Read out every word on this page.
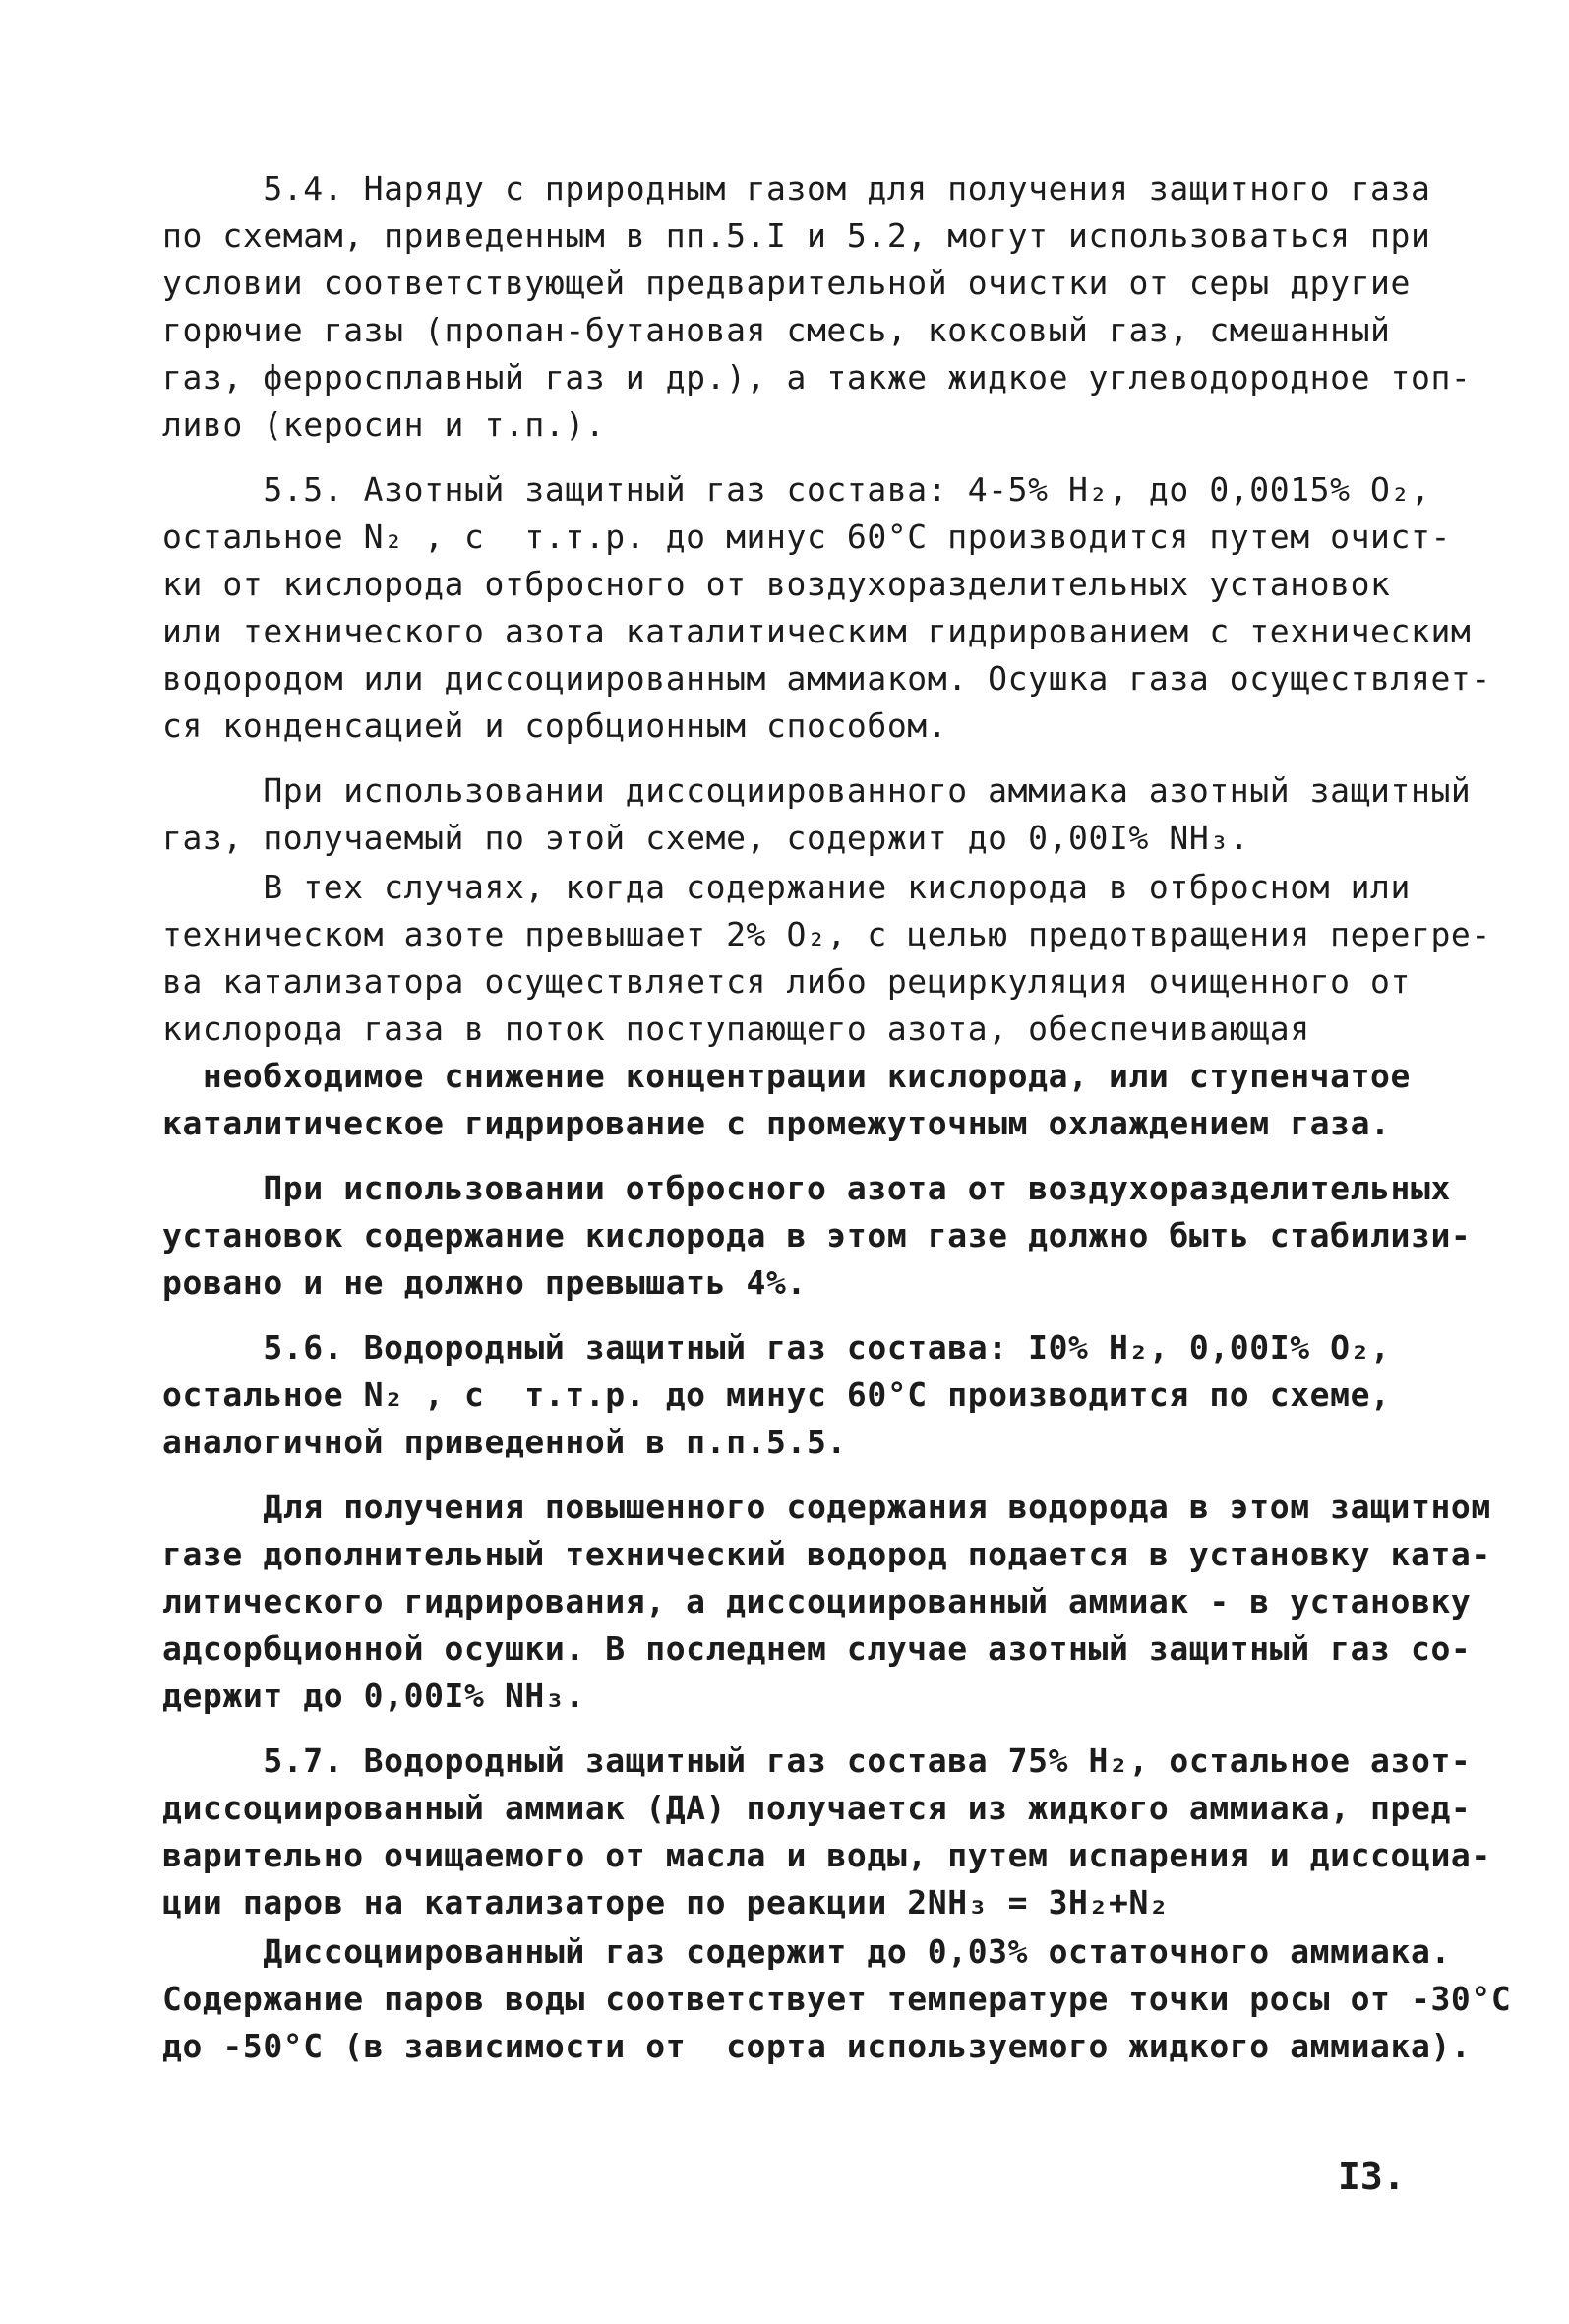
5.4. Наряду с природным газом для получения защитного газа
по схемам, приведенным в пп.5.I и 5.2, могут использоваться при
условии соответствующей предварительной очистки от серы другие
горючие газы (пропан-бутановая смесь, коксовый газ, смешанный
газ, ферросплавный газ и др.), а также жидкое углеводородное топ-
ливо (керосин и т.п.).

5.5. Азотный защитный газ состава: 4-5% H₂, до 0,0015% O₂,
остальное N₂ , с  т.т.р. до минус 60°С производится путем очист-
ки от кислорода отбросного от воздухоразделительных установок
или технического азота каталитическим гидрированием с техническим
водородом или диссоциированным аммиаком. Осушка газа осуществляет-
ся конденсацией и сорбционным способом.

При использовании диссоциированного аммиака азотный защитный
газ, получаемый по этой схеме, содержит до 0,00I% NH₃.

В тех случаях, когда содержание кислорода в отбросном или
техническом азоте превышает 2% O₂, с целью предотвращения перегре-
ва катализатора осуществляется либо рециркуляция очищенного от
кислорода газа в поток поступающего азота, обеспечивающая
необходимое снижение концентрации кислорода, или ступенчатое
каталитическое гидрирование с промежуточным охлаждением газа.

При использовании отбросного азота от воздухоразделительных
установок содержание кислорода в этом газе должно быть стабилизи-
ровано и не должно превышать 4%.

5.6. Водородный защитный газ состава: I0% H₂, 0,00I% O₂,
остальное N₂ , с  т.т.р. до минус 60°С производится по схеме,
аналогичной приведенной в п.п.5.5.

Для получения повышенного содержания водорода в этом защитном
газе дополнительный технический водород подается в установку ката-
литического гидрирования, а диссоциированный аммиак - в установку
адсорбционной осушки. В последнем случае азотный защитный газ со-
держит до 0,00I% NH₃.

5.7. Водородный защитный газ состава 75% H₂, остальное азот-
диссоциированный аммиак (ДА) получается из жидкого аммиака, пред-
варительно очищаемого от масла и воды, путем испарения и диссоциа-
ции паров на катализаторе по реакции 2NH₃ = 3H₂+N₂

Диссоциированный газ содержит до 0,03% остаточного аммиака.
Содержание паров воды соответствует температуре точки росы от -30°С
до -50°С (в зависимости от  сорта используемого жидкого аммиака).

I3.
